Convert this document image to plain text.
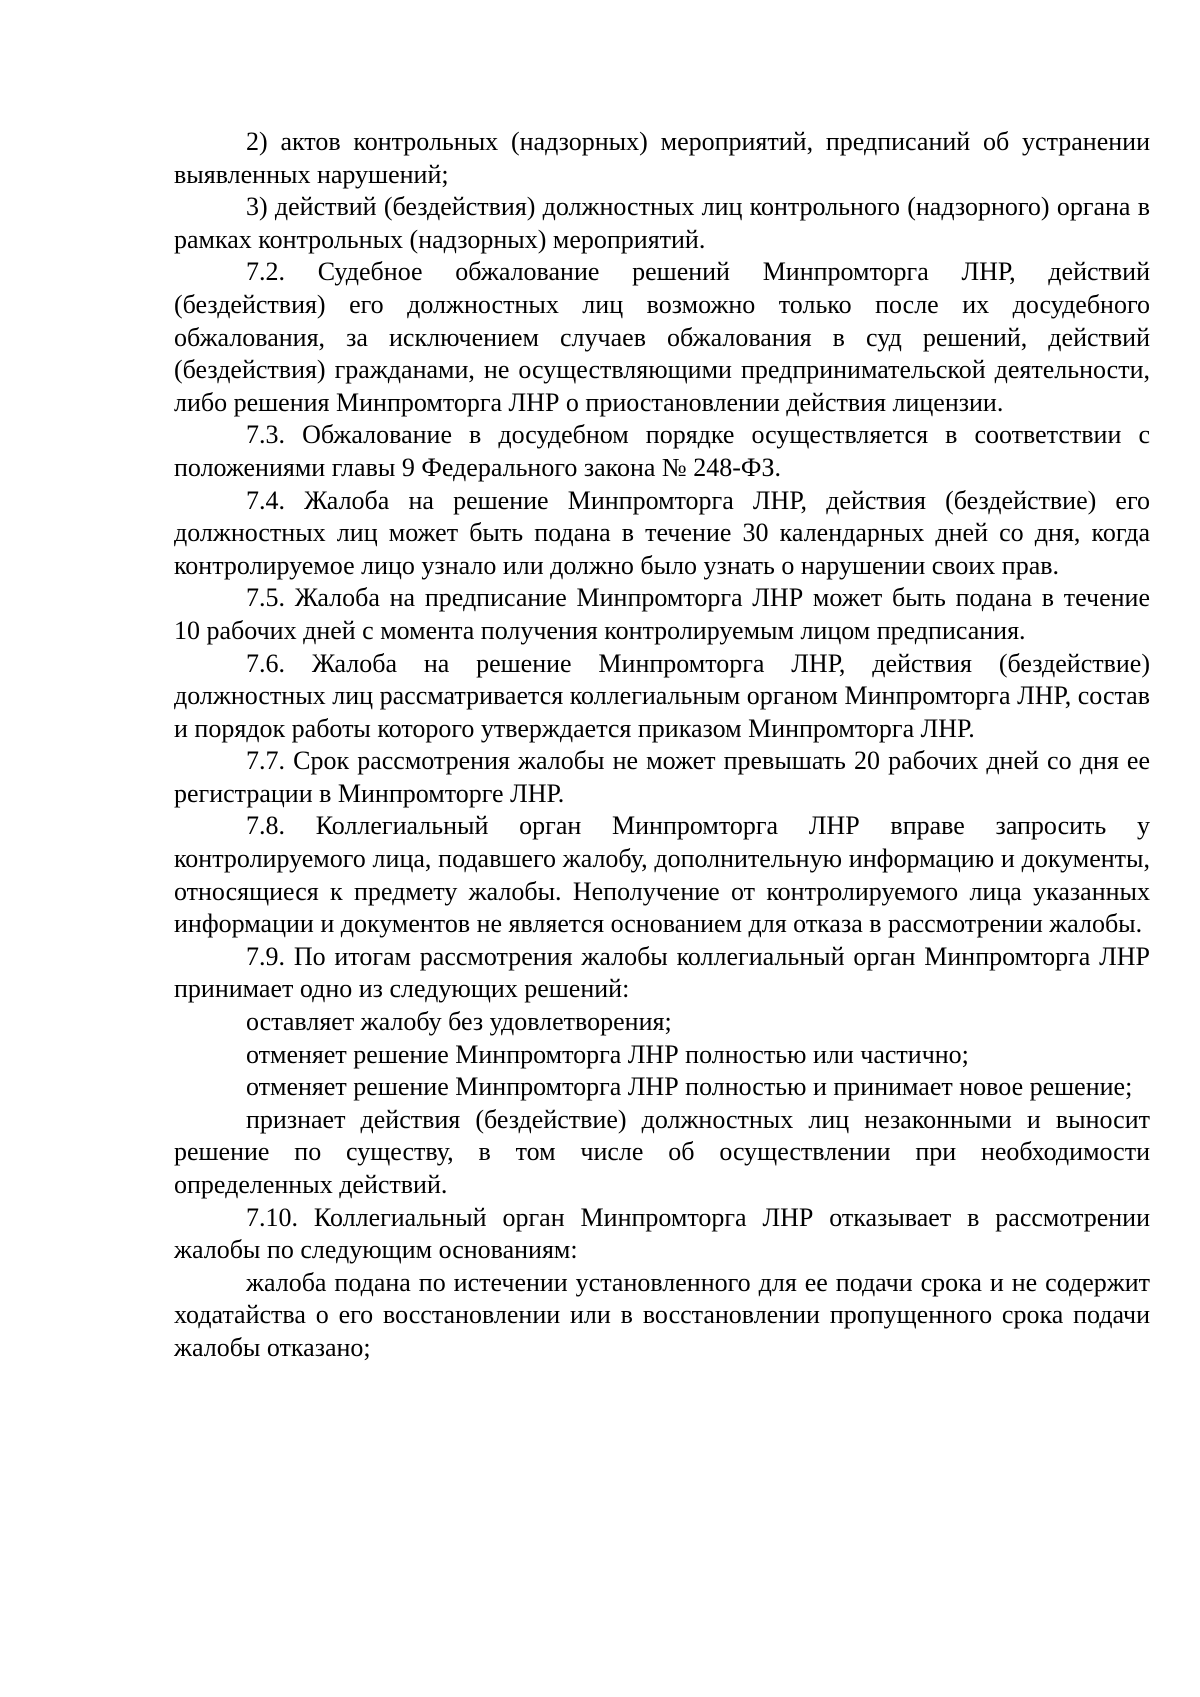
2) актов контрольных (надзорных) мероприятий, предписаний об устранении выявленных нарушений;

3) действий (бездействия) должностных лиц контрольного (надзорного) органа в рамках контрольных (надзорных) мероприятий.

7.2. Судебное обжалование решений Минпромторга ЛНР, действий (бездействия) его должностных лиц возможно только после их досудебного обжалования, за исключением случаев обжалования в суд решений, действий (бездействия) гражданами, не осуществляющими предпринимательской деятельности, либо решения Минпромторга ЛНР о приостановлении действия лицензии.

7.3. Обжалование в досудебном порядке осуществляется в соответствии с положениями главы 9 Федерального закона № 248-ФЗ.

7.4. Жалоба на решение Минпромторга ЛНР, действия (бездействие) его должностных лиц может быть подана в течение 30 календарных дней со дня, когда контролируемое лицо узнало или должно было узнать о нарушении своих прав.

7.5. Жалоба на предписание Минпромторга ЛНР может быть подана в течение 10 рабочих дней с момента получения контролируемым лицом предписания.

7.6. Жалоба на решение Минпромторга ЛНР, действия (бездействие) должностных лиц рассматривается коллегиальным органом Минпромторга ЛНР, состав и порядок работы которого утверждается приказом Минпромторга ЛНР.

7.7. Срок рассмотрения жалобы не может превышать 20 рабочих дней со дня ее регистрации в Минпромторге ЛНР.

7.8. Коллегиальный орган Минпромторга ЛНР вправе запросить у контролируемого лица, подавшего жалобу, дополнительную информацию и документы, относящиеся к предмету жалобы. Неполучение от контролируемого лица указанных информации и документов не является основанием для отказа в рассмотрении жалобы.

7.9. По итогам рассмотрения жалобы коллегиальный орган Минпромторга ЛНР принимает одно из следующих решений:

оставляет жалобу без удовлетворения;

отменяет решение Минпромторга ЛНР полностью или частично;

отменяет решение Минпромторга ЛНР полностью и принимает новое решение;

признает действия (бездействие) должностных лиц незаконными и выносит решение по существу, в том числе об осуществлении при необходимости определенных действий.

7.10. Коллегиальный орган Минпромторга ЛНР отказывает в рассмотрении жалобы по следующим основаниям:

жалоба подана по истечении установленного для ее подачи срока и не содержит ходатайства о его восстановлении или в восстановлении пропущенного срока подачи жалобы отказано;
